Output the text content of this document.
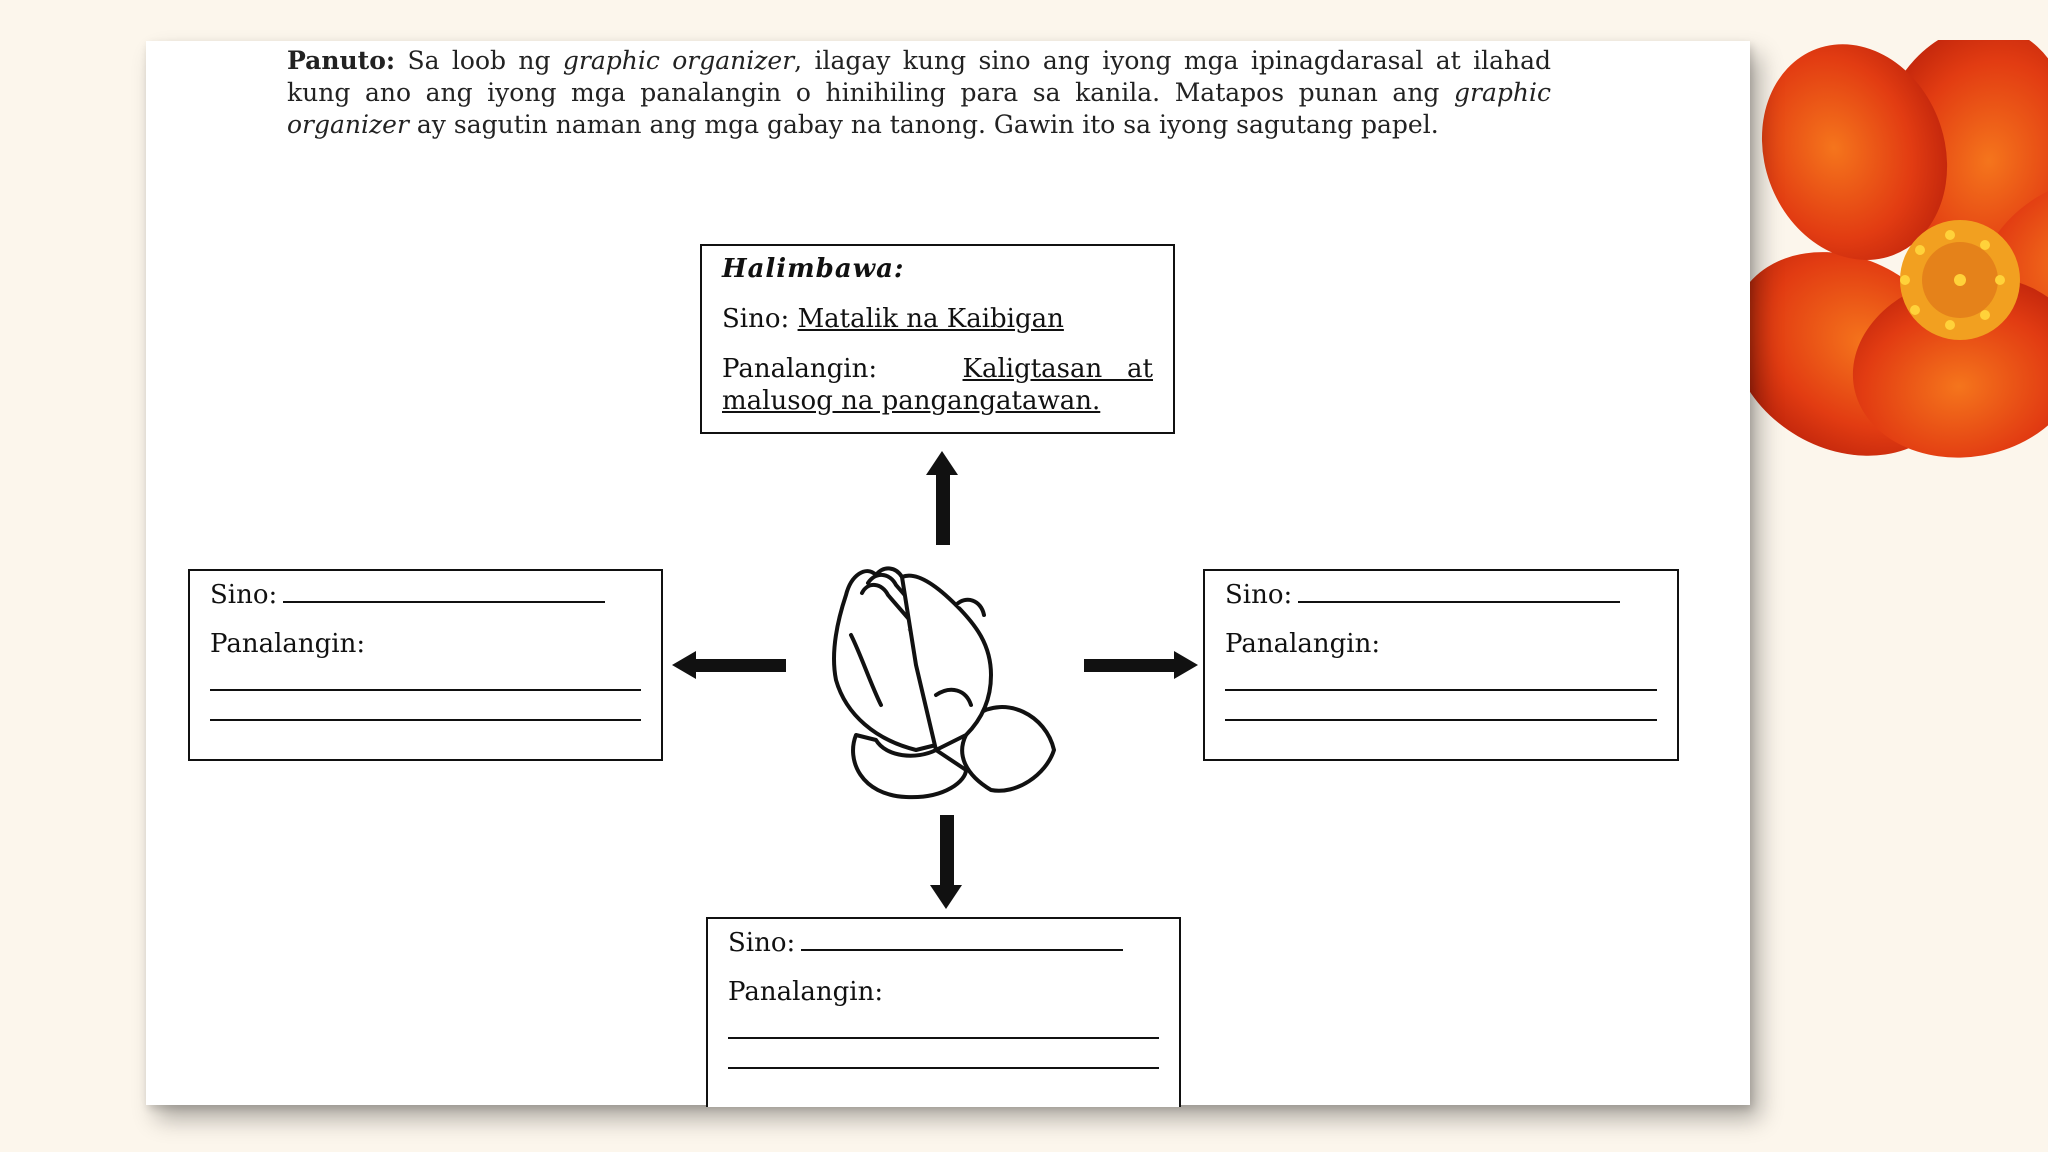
Panuto: Sa loob ng graphic organizer, ilagay kung sino ang iyong mga ipinagdarasal at ilahad kung ano ang iyong mga panalangin o hinihiling para sa kanila. Matapos punan ang graphic organizer ay sagutin naman ang mga gabay na tanong. Gawin ito sa iyong sagutang papel.
Halimbawa:
Sino: Matalik na Kaibigan
Panalangin:	Kaligtasan   at
malusog na pangangatawan.
Sino:
Panalangin:
Sino:
Panalangin:
Sino:
Panalangin:
